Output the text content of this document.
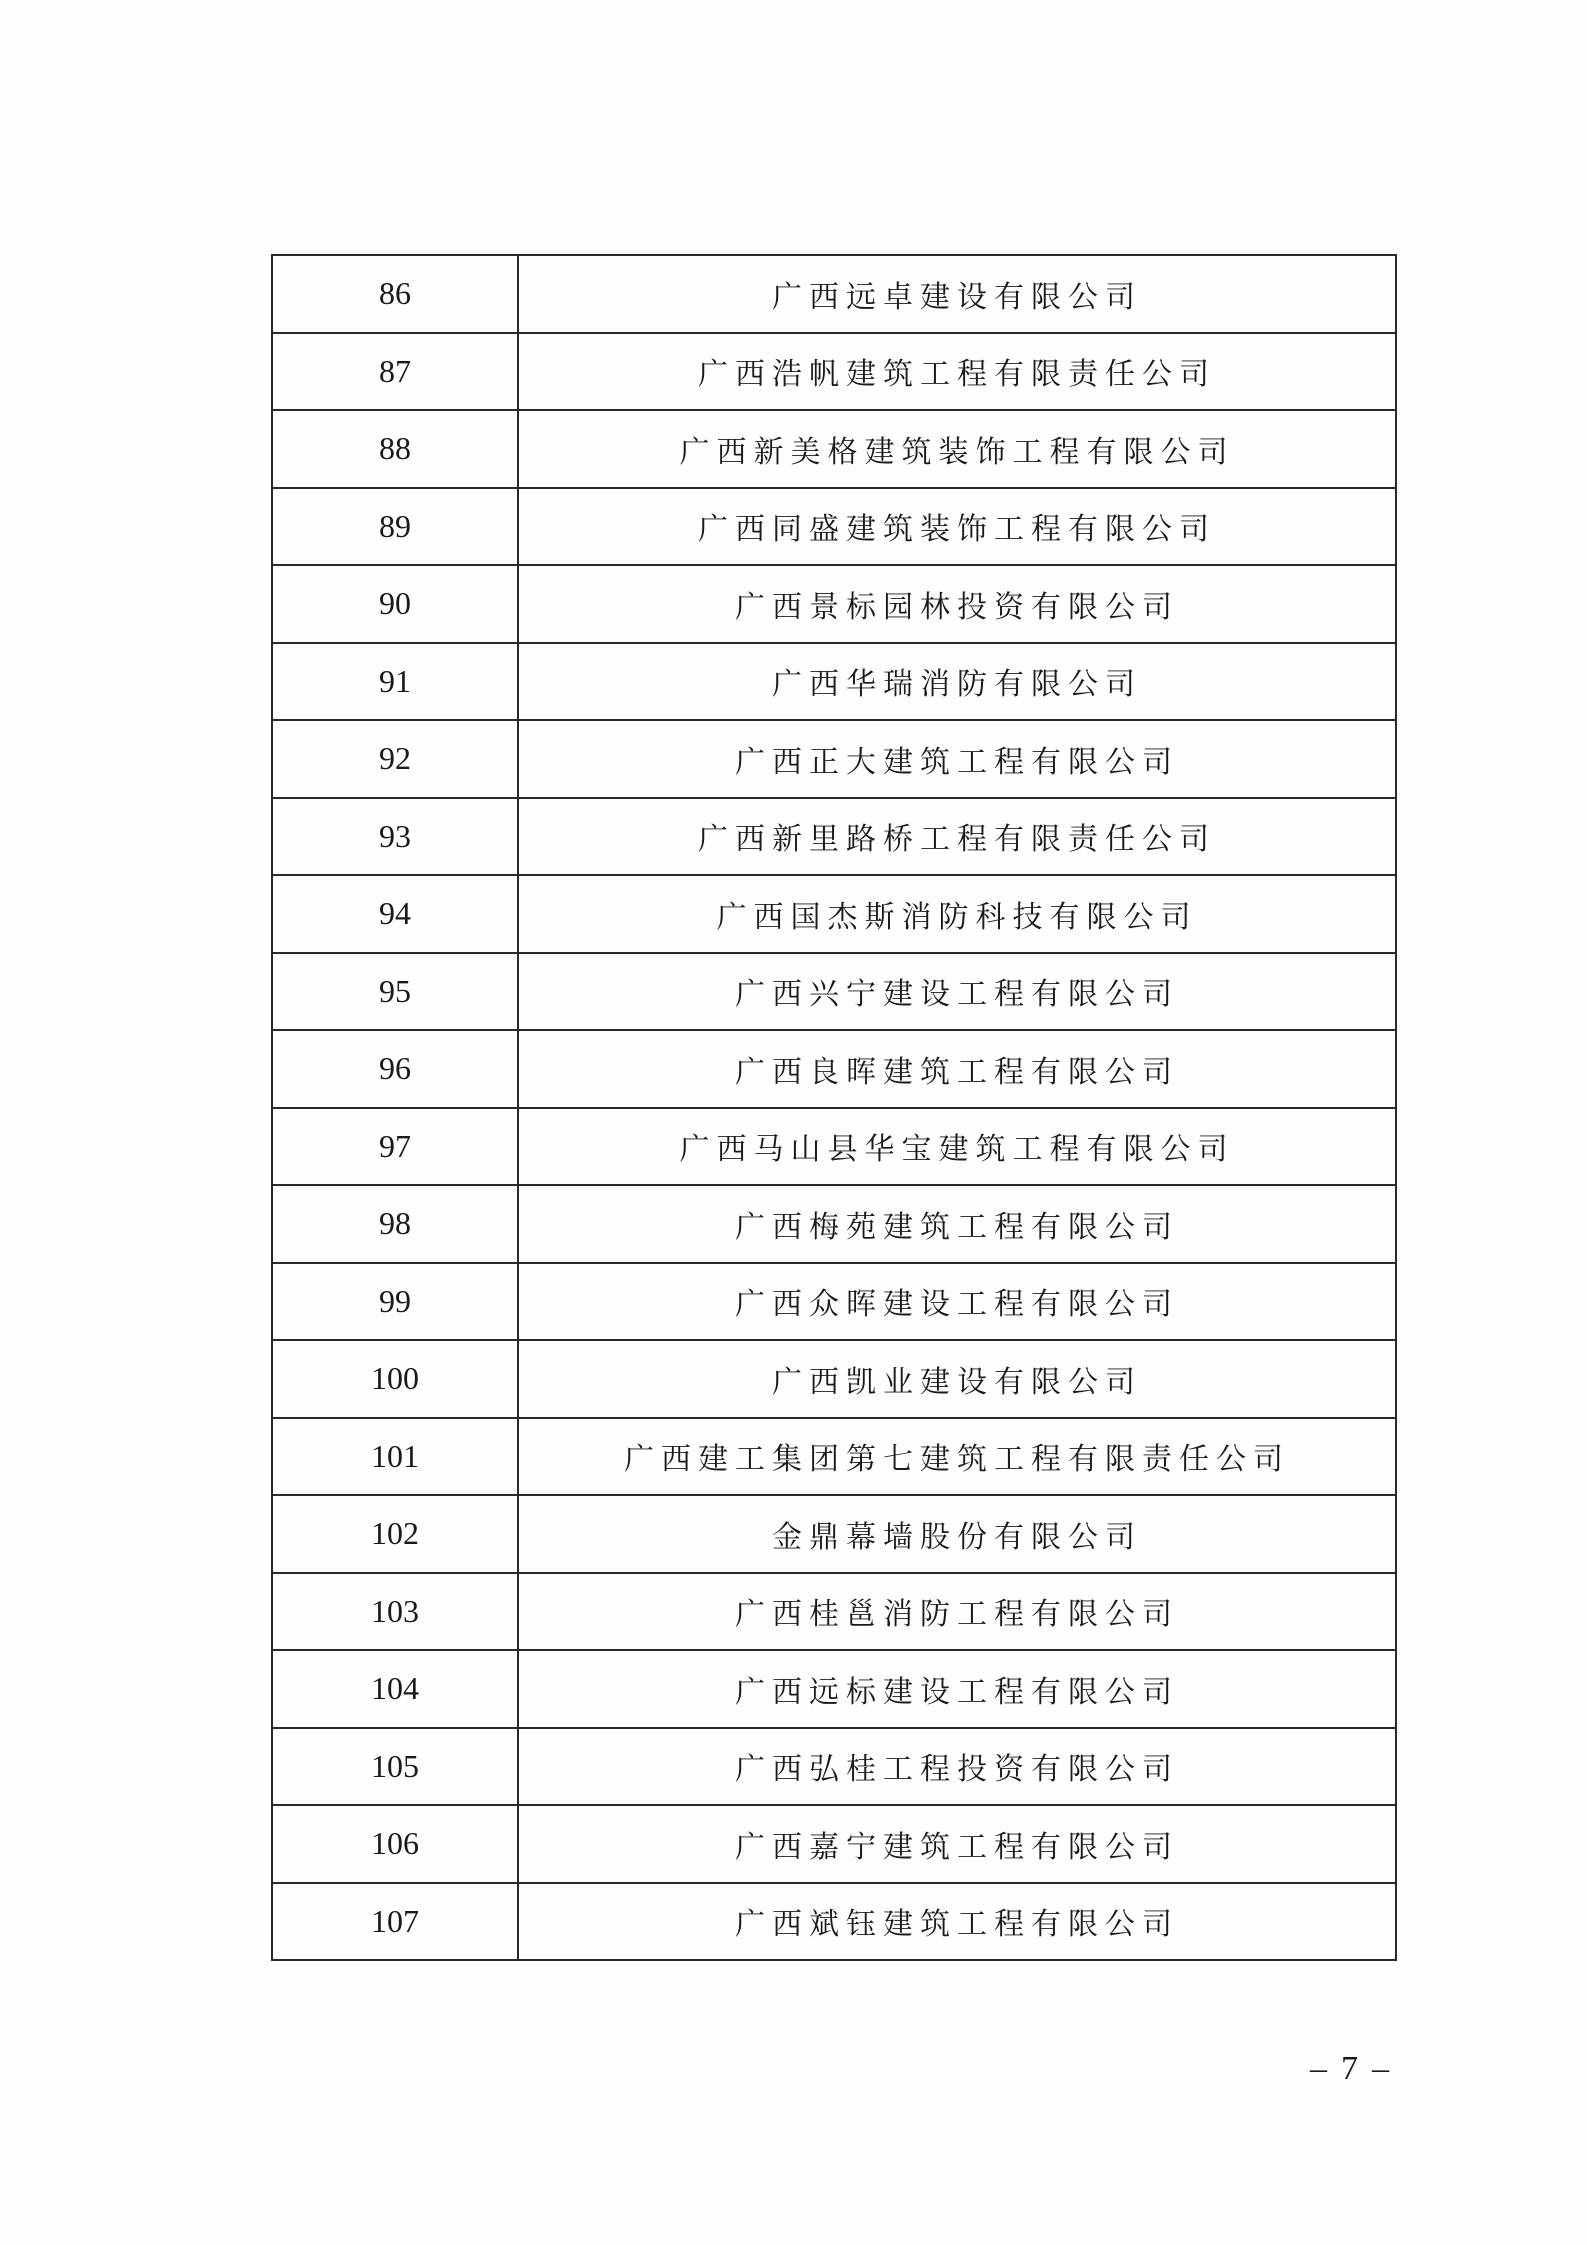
86	广西远卓建设有限公司
87	广西浩帆建筑工程有限责任公司
88	广西新美格建筑装饰工程有限公司
89	广西同盛建筑装饰工程有限公司
90	广西景标园林投资有限公司
91	广西华瑞消防有限公司
92	广西正大建筑工程有限公司
93	广西新里路桥工程有限责任公司
94	广西国杰斯消防科技有限公司
95	广西兴宁建设工程有限公司
96	广西良晖建筑工程有限公司
97	广西马山县华宝建筑工程有限公司
98	广西梅苑建筑工程有限公司
99	广西众晖建设工程有限公司
100	广西凯业建设有限公司
101	广西建工集团第七建筑工程有限责任公司
102	金鼎幕墙股份有限公司
103	广西桂邕消防工程有限公司
104	广西远标建设工程有限公司
105	广西弘桂工程投资有限公司
106	广西嘉宁建筑工程有限公司
107	广西斌钰建筑工程有限公司
–7–
